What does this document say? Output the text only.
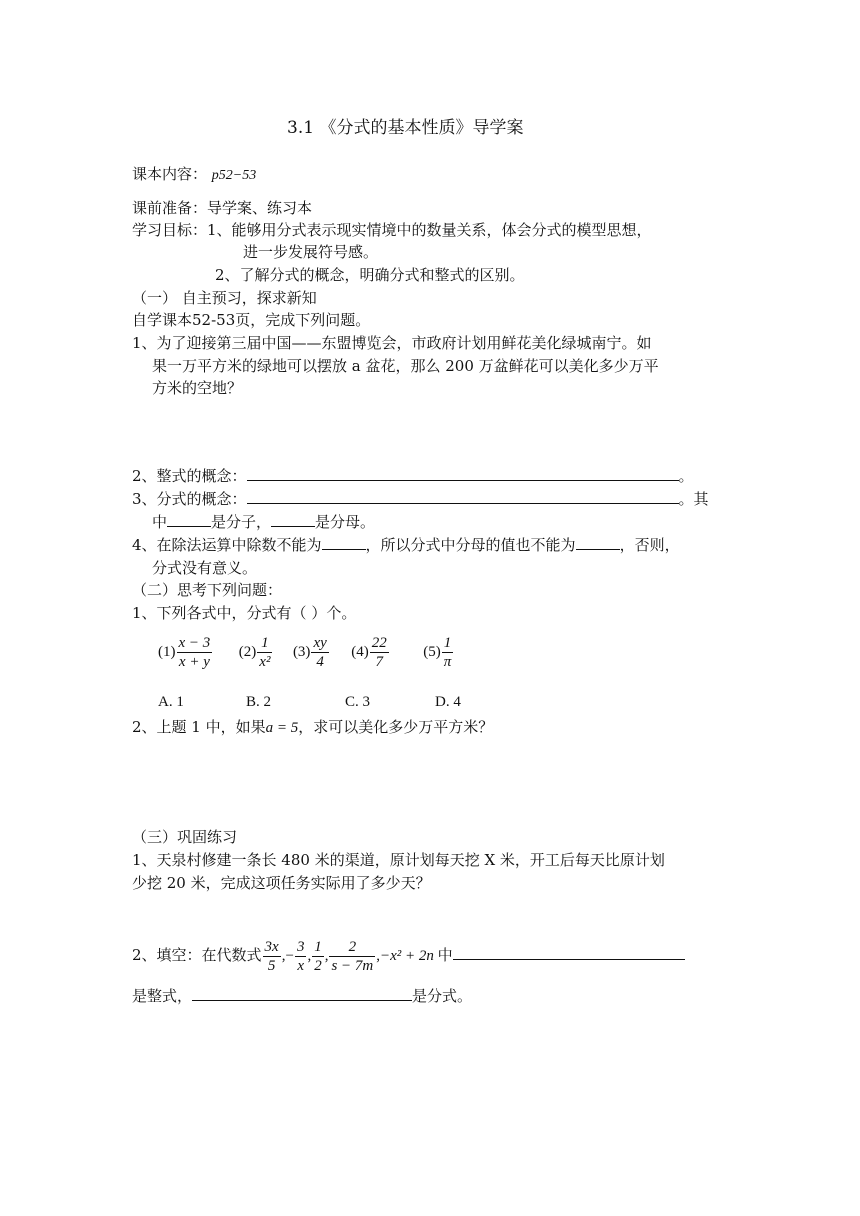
3.1 《分式的基本性质》导学案
课本内容： p52−53
课前准备：导学案、练习本
学习目标：1、能够用分式表示现实情境中的数量关系，体会分式的模型思想，
进一步发展符号感。
2、了解分式的概念，明确分式和整式的区别。
（一） 自主预习，探求新知
自学课本52-53页，完成下列问题。
1、为了迎接第三届中国——东盟博览会，市政府计划用鲜花美化绿城南宁。如
果一万平方米的绿地可以摆放 a 盆花，那么 200 万盆鲜花可以美化多少万平
方米的空地？
2、整式的概念：	。
3、分式的概念：	。其
中	是分子，	是分母。
4、在除法运算中除数不能为	，所以分式中分母的值也不能为	，否则，
分式没有意义。
（二）思考下列问题：
1、下列各式中，分式有（ ）个。
$(1) \frac{x - 3}{x + y} (2) \frac{1}{\text{x²}} (3) \frac{xy}{4} (4) \frac{22}{7} (5) \frac{1}{\pi}$
A. 1	B. 2	C. 3	D. 4
2、上题 1 中，如果a = 5，求可以美化多少万平方米？
（三）巩固练习
1、天泉村修建一条长 480 米的渠道，原计划每天挖 X 米，开工后每天比原计划
少挖 20 米，完成这项任务实际用了多少天？
2、填空：在代数式 $\frac{3x}{5}$ ,− $\frac{3}{x}$ , $\frac{1}{2}$ , $\frac{2}{s - 7m} ,-x^2 + 2n$ 中
是整式，	是分式。
